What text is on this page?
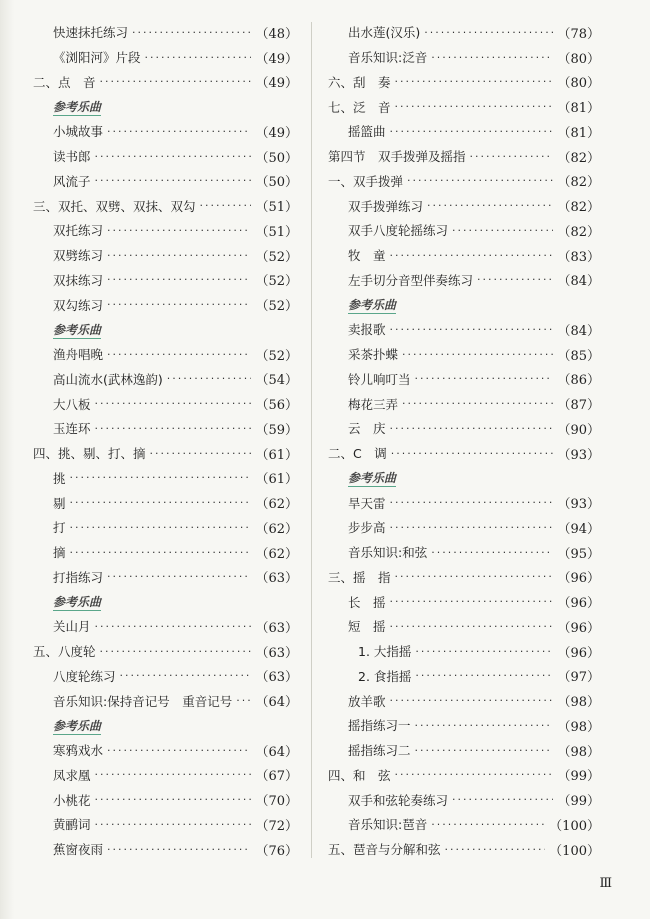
快速抹托练习 ·····	（48）
《浏阳河》片段 ·····	（49）
二、点　音 ·····	（49）
参考乐曲
小城故事 ·····	（49）
读书郎 ·····	（50）
风流子 ·····	（50）
三、双托、双劈、双抹、双勾 ·····	（51）
双托练习 ·····	（51）
双劈练习 ·····	（52）
双抹练习 ·····	（52）
双勾练习 ·····	（52）
参考乐曲
渔舟唱晚 ·····	（52）
高山流水(武林逸韵) ·····	（54）
大八板 ·····	（56）
玉连环 ·····	（59）
四、挑、剔、打、摘 ·····	（61）
挑 ·····	（61）
剔 ·····	（62）
打 ·····	（62）
摘 ·····	（62）
打指练习 ·····	（63）
参考乐曲
关山月 ·····	（63）
五、八度轮 ·····	（63）
八度轮练习 ·····	（63）
音乐知识:保持音记号　重音记号 ····· （64）
参考乐曲
寒鸦戏水 ·····	（64）
凤求凰 ·····	（67）
小桃花 ·····	（70）
黄鹂词 ·····	（72）
蕉窗夜雨 ·····	（76）
出水莲(汉乐) ·····	（78）
音乐知识:泛音 ·····	（80）
六、刮　奏 ·····	（80）
七、泛　音 ·····	（81）
摇篮曲 ·····	（81）
第四节　双手拨弹及摇指 ·····	（82）
一、双手拨弹 ·····	（82）
双手拨弹练习 ·····	（82）
双手八度轮摇练习 ·····	（82）
牧　童 ·····	（83）
左手切分音型伴奏练习 ·····	（84）
参考乐曲
卖报歌 ·····	（84）
采茶扑蝶 ·····	（85）
铃儿响叮当 ·····	（86）
梅花三弄 ·····	（87）
云　庆 ·····	（90）
二、C　调 ·····	（93）
参考乐曲
旱天雷 ·····	（93）
步步高 ·····	（94）
音乐知识:和弦 ·····	（95）
三、摇　指 ·····	（96）
长　摇 ·····	（96）
短　摇 ·····	（96）
1. 大指摇 ·····	（96）
2. 食指摇 ·····	（97）
放羊歌 ·····	（98）
摇指练习一 ·····	（98）
摇指练习二 ·····	（98）
四、和　弦 ·····	（99）
双手和弦轮奏练习 ·····	（99）
音乐知识:琶音 ·····	（100）
五、琶音与分解和弦 ·····	（100）
Ⅲ
